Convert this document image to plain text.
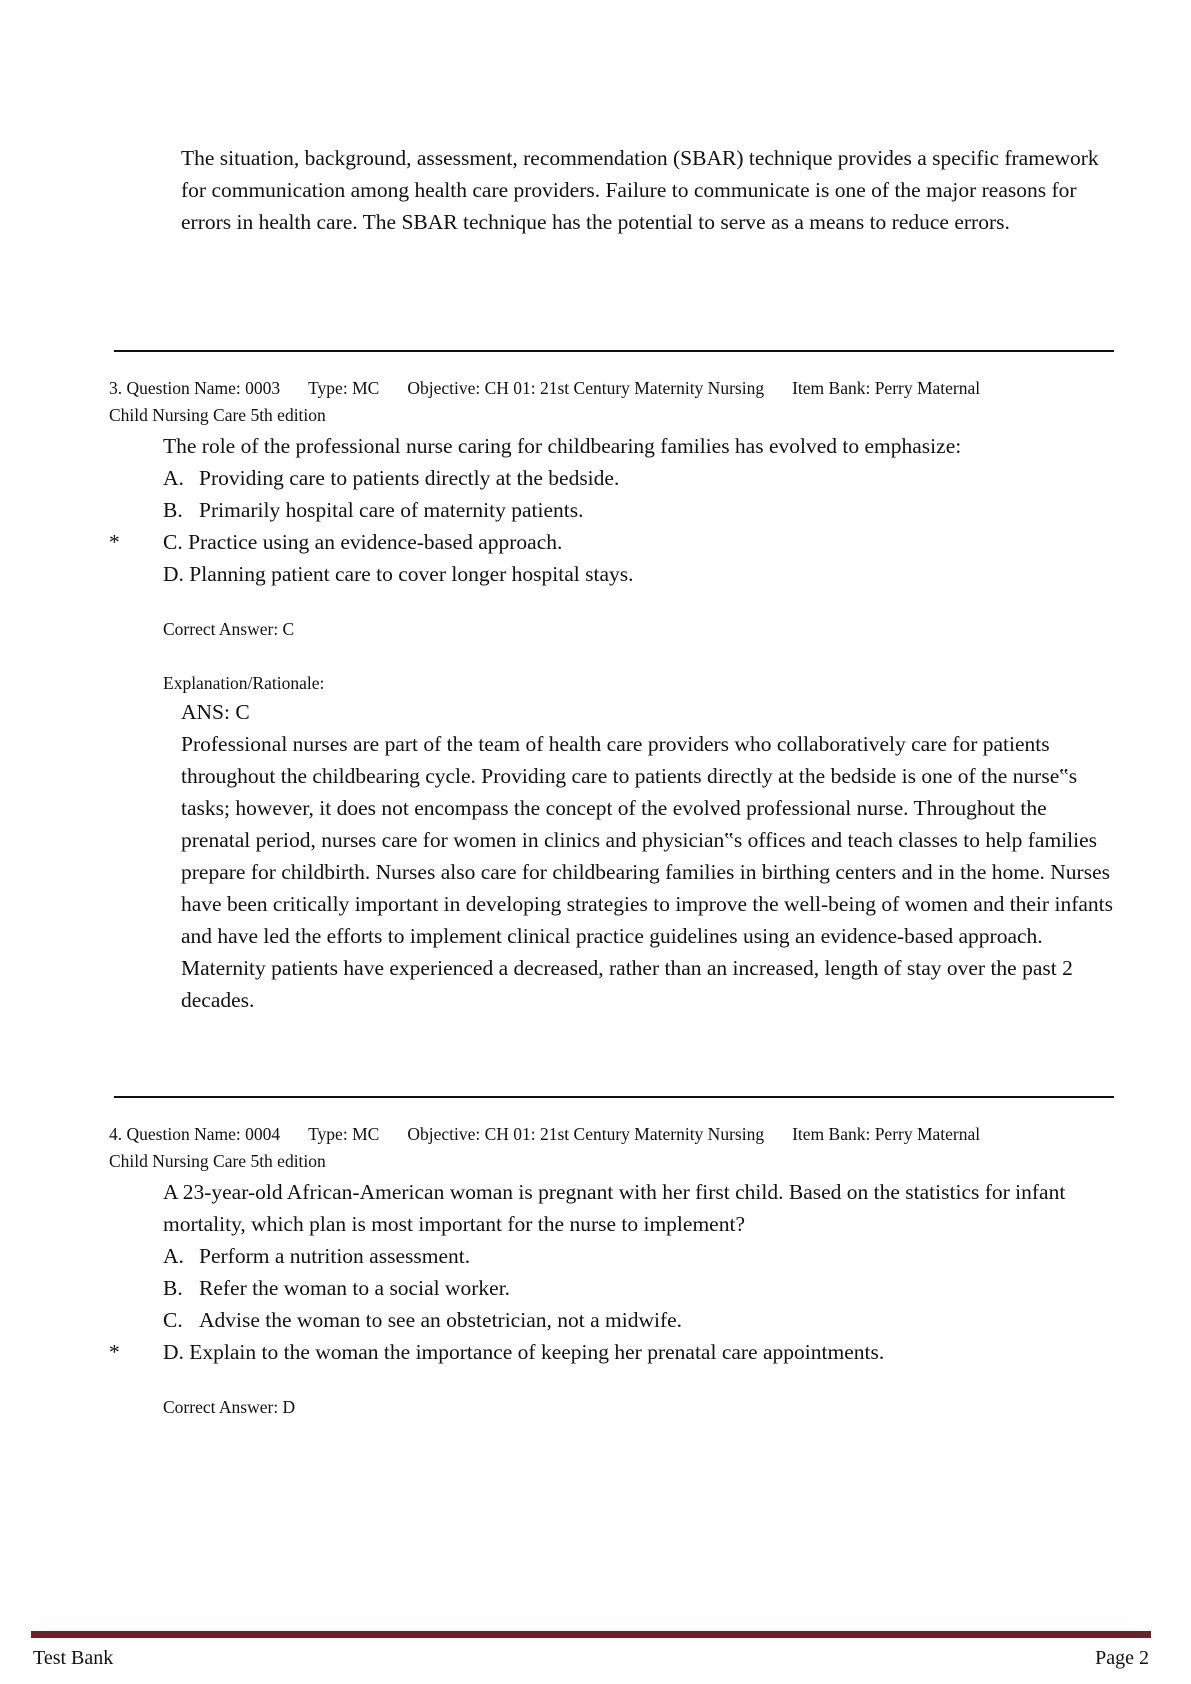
The situation, background, assessment, recommendation (SBAR) technique provides a specific framework for communication among health care providers. Failure to communicate is one of the major reasons for errors in health care. The SBAR technique has the potential to serve as a means to reduce errors.

3. Question Name: 0003 Type: MC Objective: CH 01: 21st Century Maternity Nursing Item Bank: Perry Maternal
Child Nursing Care 5th edition

The role of the professional nurse caring for childbearing families has evolved to emphasize:

A. Providing care to patients directly at the bedside.
B. Primarily hospital care of maternity patients.
* C. Practice using an evidence-based approach.
D. Planning patient care to cover longer hospital stays.

Correct Answer: C

Explanation/Rationale:

ANS: C

Professional nurses are part of the team of health care providers who collaboratively care for patients throughout the childbearing cycle. Providing care to patients directly at the bedside is one of the nurse‟s tasks; however, it does not encompass the concept of the evolved professional nurse. Throughout the prenatal period, nurses care for women in clinics and physician‟s offices and teach classes to help families prepare for childbirth. Nurses also care for childbearing families in birthing centers and in the home. Nurses have been critically important in developing strategies to improve the well-being of women and their infants and have led the efforts to implement clinical practice guidelines using an evidence-based approach. Maternity patients have experienced a decreased, rather than an increased, length of stay over the past 2 decades.

4. Question Name: 0004 Type: MC Objective: CH 01: 21st Century Maternity Nursing Item Bank: Perry Maternal
Child Nursing Care 5th edition

A 23-year-old African-American woman is pregnant with her first child. Based on the statistics for infant mortality, which plan is most important for the nurse to implement?

A. Perform a nutrition assessment.
B. Refer the woman to a social worker.
C. Advise the woman to see an obstetrician, not a midwife.
* D. Explain to the woman the importance of keeping her prenatal care appointments.

Correct Answer: D

Test Bank	Page 2
